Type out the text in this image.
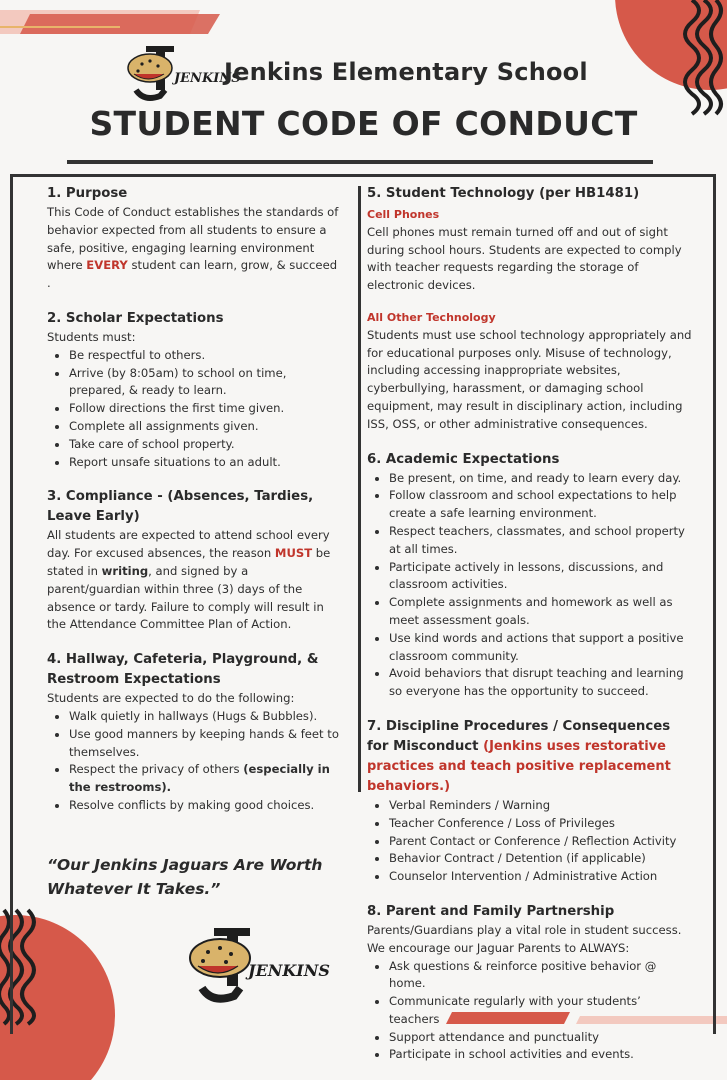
JENKINS
Jenkins Elementary School
STUDENT CODE OF CONDUCT
1. Purpose
This Code of Conduct establishes the standards of behavior expected from all students to ensure a safe, positive, engaging learning environment where EVERY student can learn, grow, & succeed .
2. Scholar Expectations
Students must:
• Be respectful to others.
• Arrive (by 8:05am) to school on time, prepared, & ready to learn.
• Follow directions the first time given.
• Complete all assignments given.
• Take care of school property.
• Report unsafe situations to an adult.
3. Compliance - (Absences, Tardies, Leave Early)
All students are expected to attend school every day. For excused absences, the reason MUST be stated in writing, and signed by a parent/guardian within three (3) days of the absence or tardy. Failure to comply will result in the Attendance Committee Plan of Action.
4. Hallway, Cafeteria, Playground, & Restroom Expectations
Students are expected to do the following:
• Walk quietly in hallways (Hugs & Bubbles).
• Use good manners by keeping hands & feet to themselves.
• Respect the privacy of others (especially in the restrooms).
• Resolve conflicts by making good choices.
“Our Jenkins Jaguars Are Worth Whatever It Takes.”
JENKINS
5. Student Technology (per HB1481)
Cell Phones
Cell phones must remain turned off and out of sight during school hours. Students are expected to comply with teacher requests regarding the storage of electronic devices.
All Other Technology
Students must use school technology appropriately and for educational purposes only. Misuse of technology, including accessing inappropriate websites, cyberbullying, harassment, or damaging school equipment, may result in disciplinary action, including ISS, OSS, or other administrative consequences.
6. Academic Expectations
• Be present, on time, and ready to learn every day.
• Follow classroom and school expectations to help create a safe learning environment.
• Respect teachers, classmates, and school property at all times.
• Participate actively in lessons, discussions, and classroom activities.
• Complete assignments and homework as well as meet assessment goals.
• Use kind words and actions that support a positive classroom community.
• Avoid behaviors that disrupt teaching and learning so everyone has the opportunity to succeed.
7. Discipline Procedures / Consequences for Misconduct (Jenkins uses restorative practices and teach positive replacement behaviors.)
• Verbal Reminders / Warning
• Teacher Conference / Loss of Privileges
• Parent Contact or Conference / Reflection Activity
• Behavior Contract / Detention (if applicable)
• Counselor Intervention / Administrative Action
8. Parent and Family Partnership
Parents/Guardians play a vital role in student success. We encourage our Jaguar Parents to ALWAYS:
• Ask questions & reinforce positive behavior @ home.
• Communicate regularly with your students’ teachers
• Support attendance and punctuality
• Participate in school activities and events.
